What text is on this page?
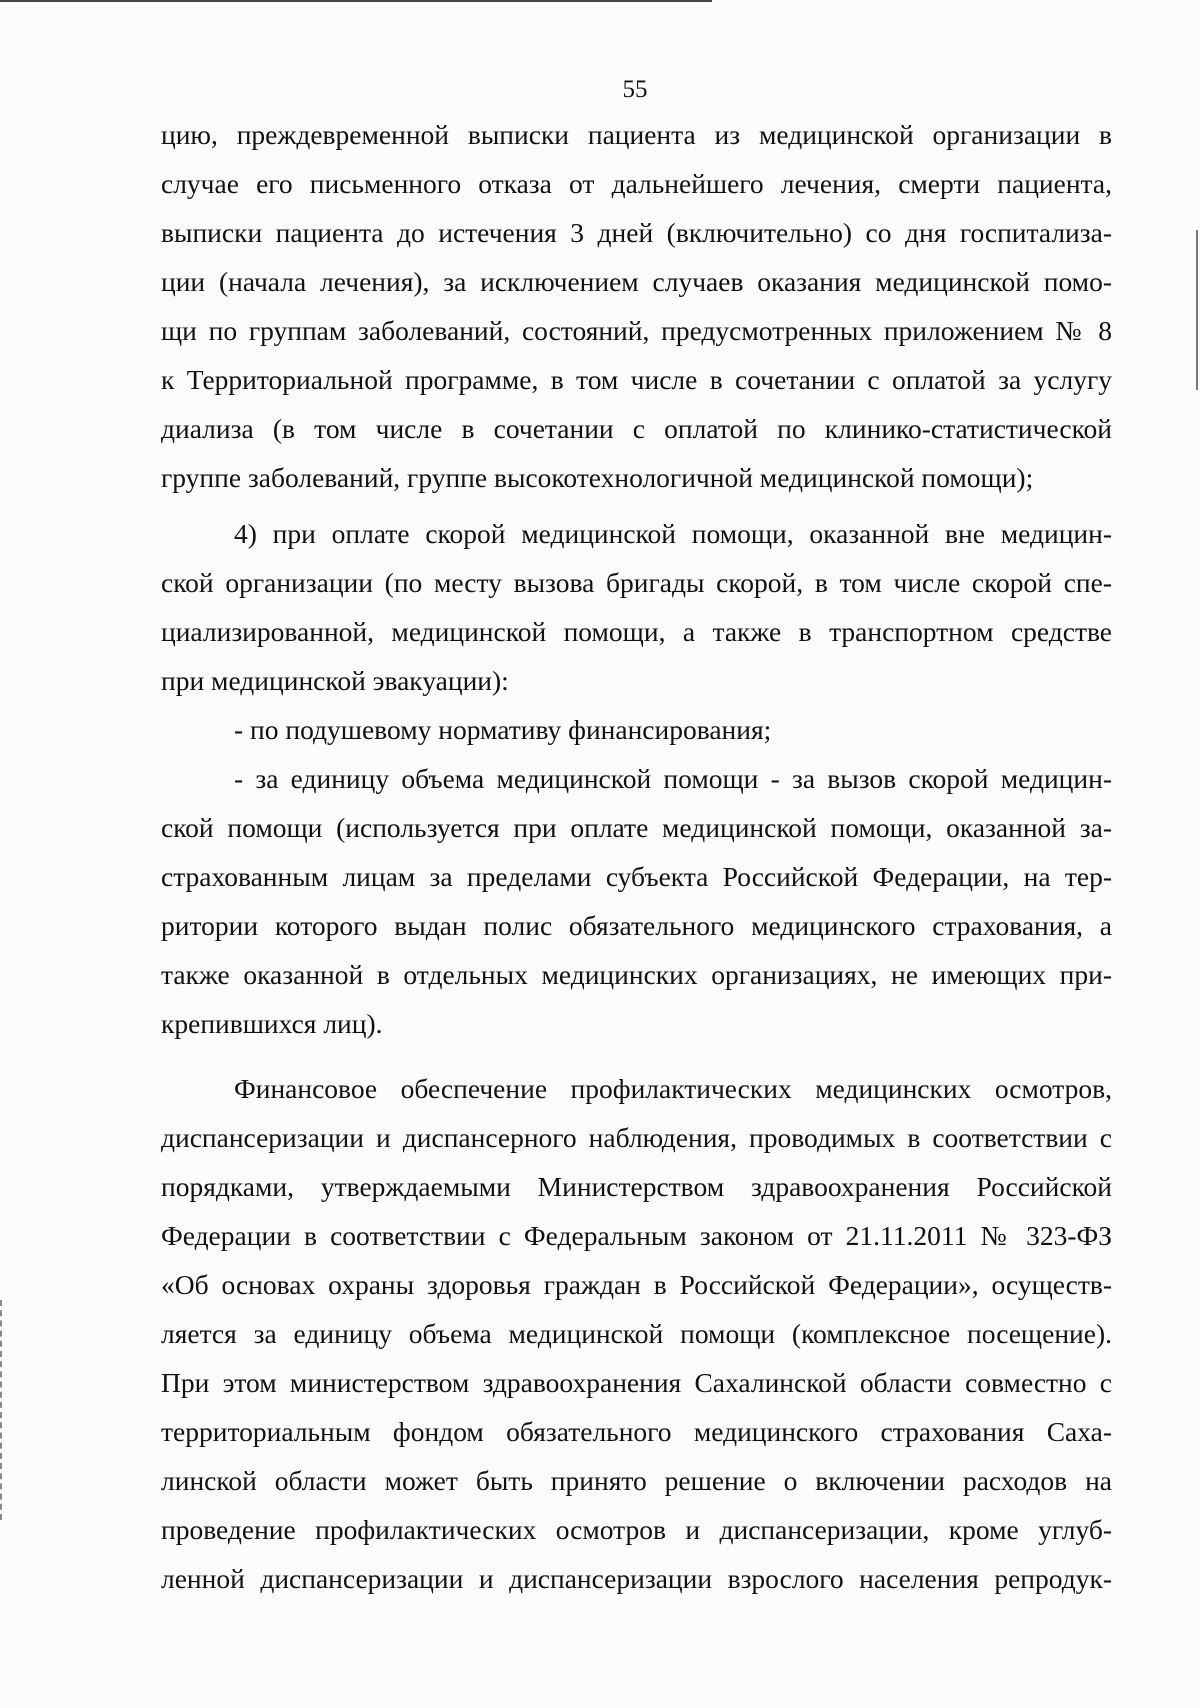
55
цию, преждевременной выписки пациента из медицинской организации в
случае его письменного отказа от дальнейшего лечения, смерти пациента,
выписки пациента до истечения 3 дней (включительно) со дня госпитализа-
ции (начала лечения), за исключением случаев оказания медицинской помо-
щи по группам заболеваний, состояний, предусмотренных приложением № 8
к Территориальной программе, в том числе в сочетании с оплатой за услугу
диализа (в том числе в сочетании с оплатой по клинико-статистической
группе заболеваний, группе высокотехнологичной медицинской помощи);
4) при оплате скорой медицинской помощи, оказанной вне медицин-
ской организации (по месту вызова бригады скорой, в том числе скорой спе-
циализированной, медицинской помощи, а также в транспортном средстве
при медицинской эвакуации):
- по подушевому нормативу финансирования;
- за единицу объема медицинской помощи - за вызов скорой медицин-
ской помощи (используется при оплате медицинской помощи, оказанной за-
страхованным лицам за пределами субъекта Российской Федерации, на тер-
ритории которого выдан полис обязательного медицинского страхования, а
также оказанной в отдельных медицинских организациях, не имеющих при-
крепившихся лиц).
Финансовое обеспечение профилактических медицинских осмотров,
диспансеризации и диспансерного наблюдения, проводимых в соответствии с
порядками, утверждаемыми Министерством здравоохранения Российской
Федерации в соответствии с Федеральным законом от 21.11.2011 № 323-ФЗ
«Об основах охраны здоровья граждан в Российской Федерации», осуществ-
ляется за единицу объема медицинской помощи (комплексное посещение).
При этом министерством здравоохранения Сахалинской области совместно с
территориальным фондом обязательного медицинского страхования Саха-
линской области может быть принято решение о включении расходов на
проведение профилактических осмотров и диспансеризации, кроме углуб-
ленной диспансеризации и диспансеризации взрослого населения репродук-
